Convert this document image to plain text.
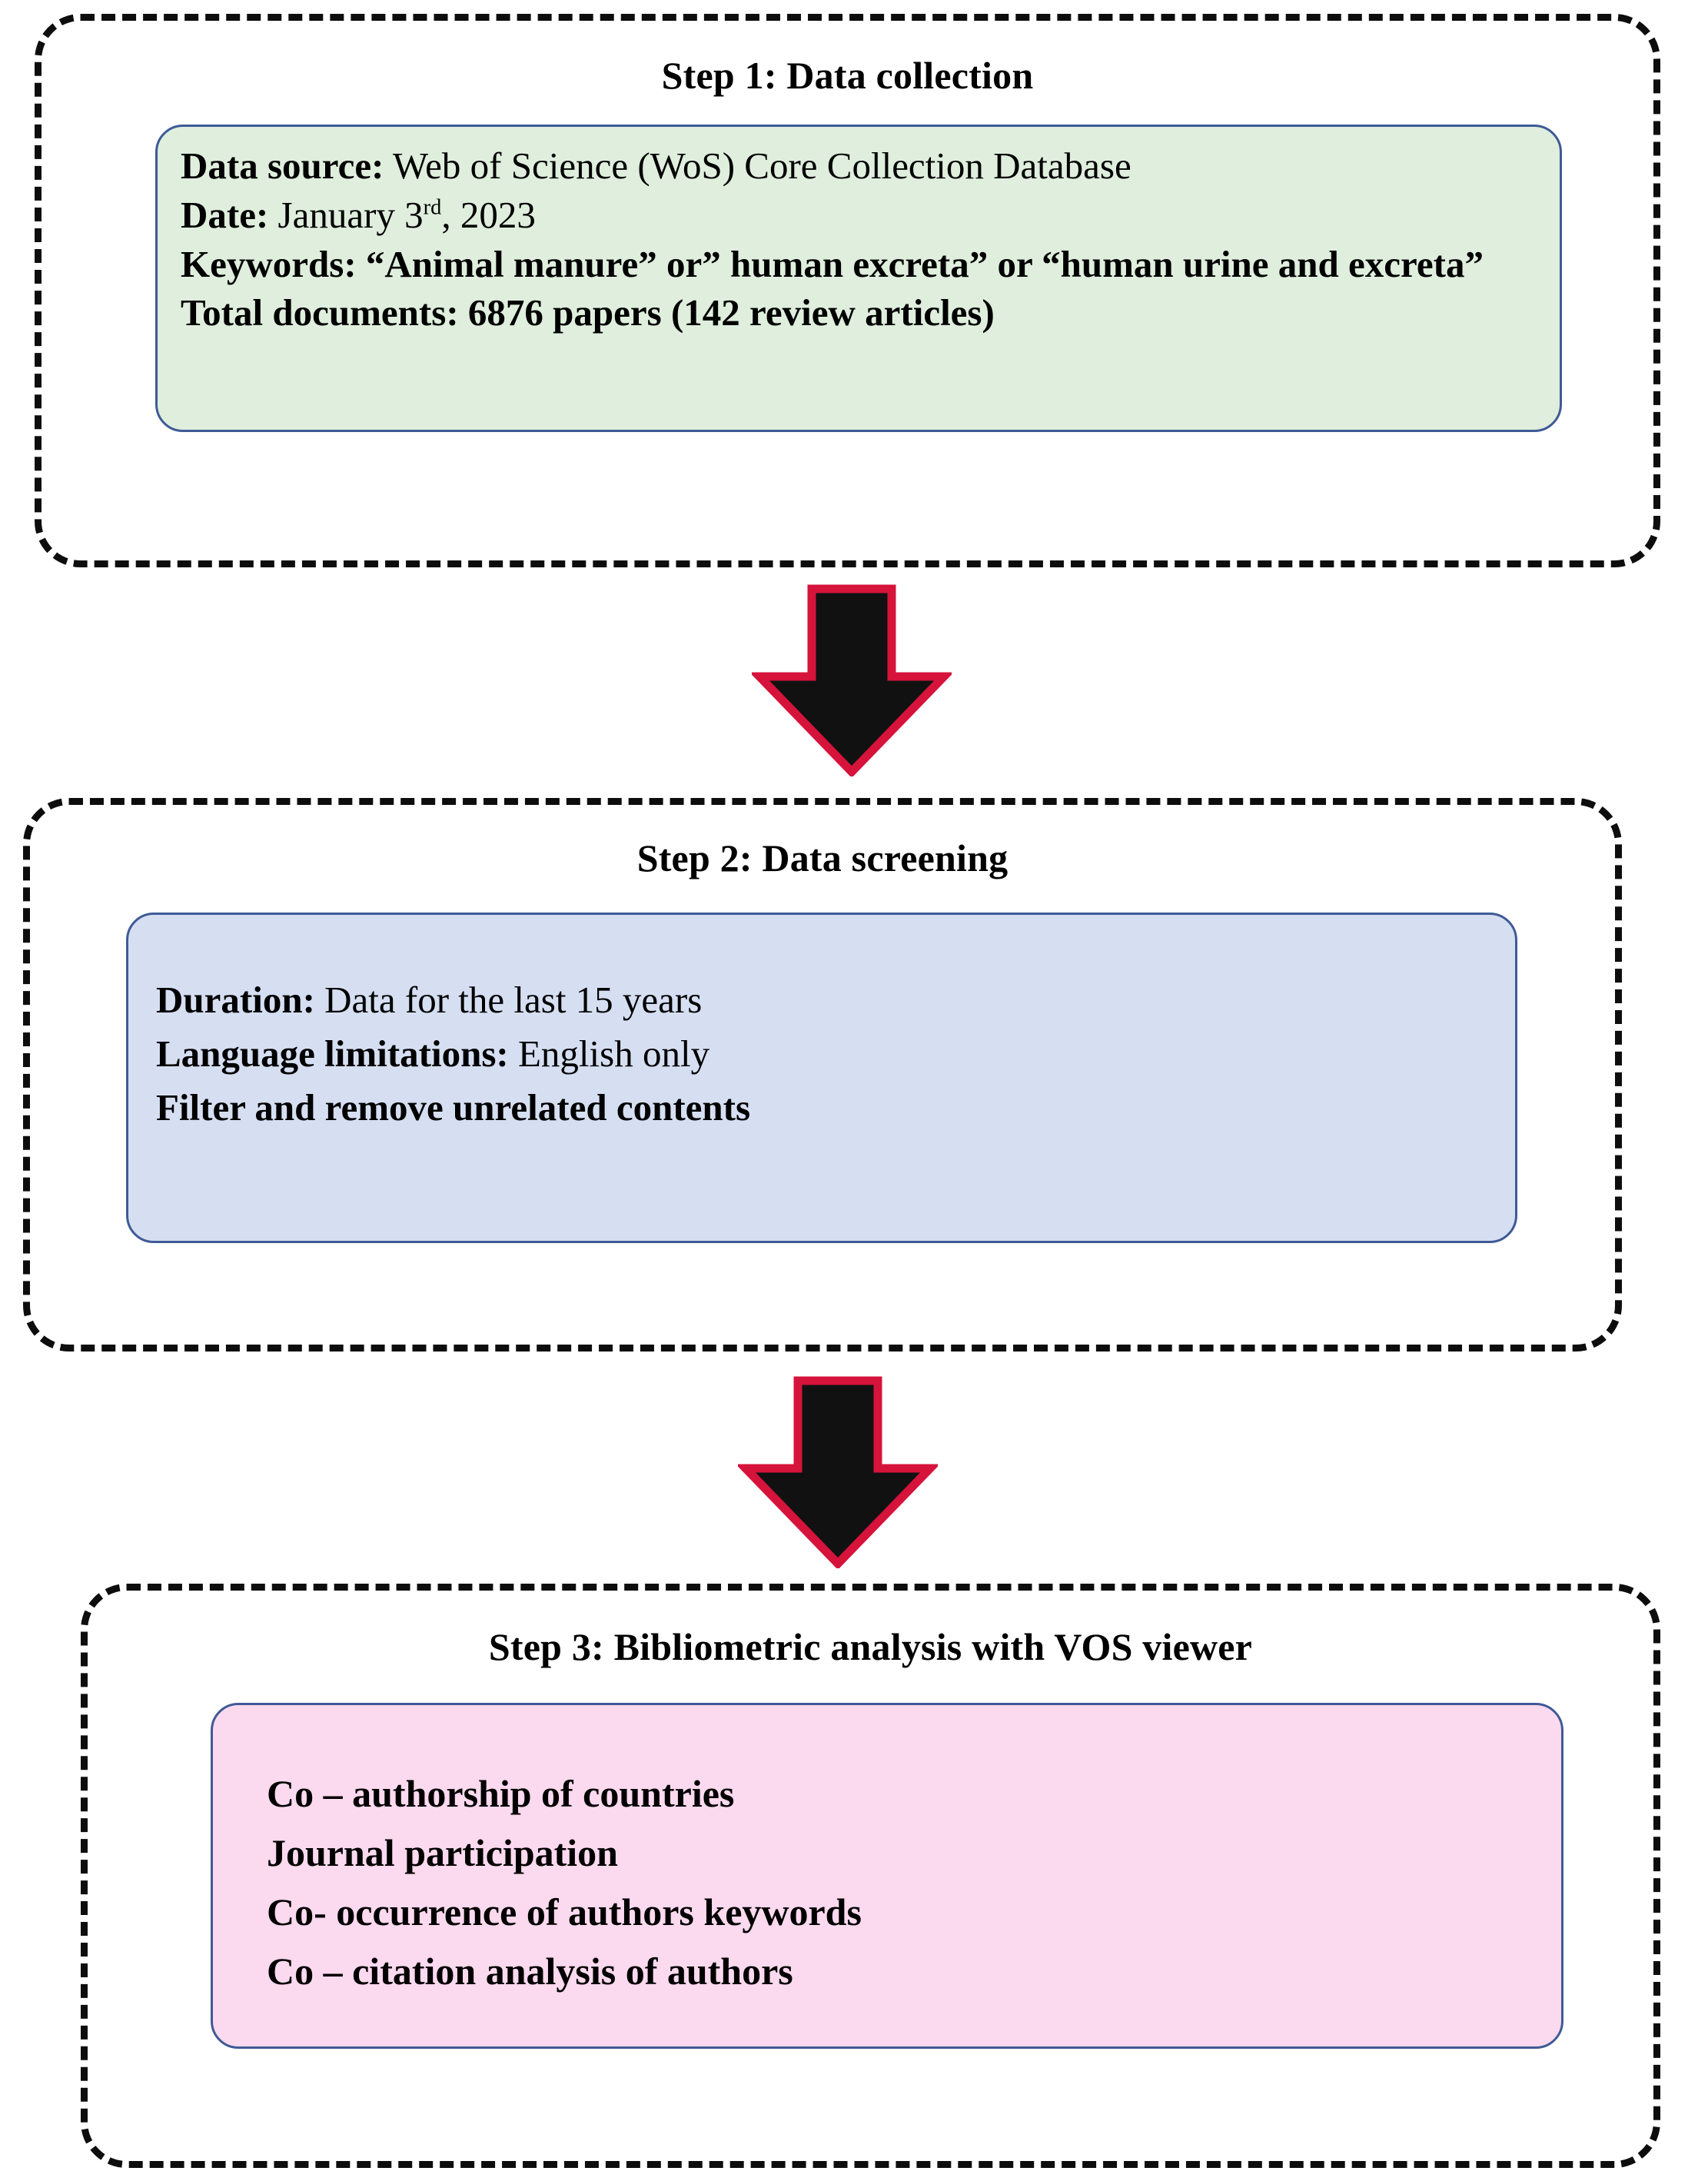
Step 1: Data collection

Data source: Web of Science (WoS) Core Collection Database

Date: January 3rd, 2023

Keywords: “Animal manure” or” human excreta” or “human urine and excreta”

Total documents: 6876 papers (142 review articles)

Step 2: Data screening

Duration: Data for the last 15 years

Language limitations: English only

Filter and remove unrelated contents

Step 3: Bibliometric analysis with VOS viewer

Co – authorship of countries

Journal participation

Co- occurrence of authors keywords

Co – citation analysis of authors
